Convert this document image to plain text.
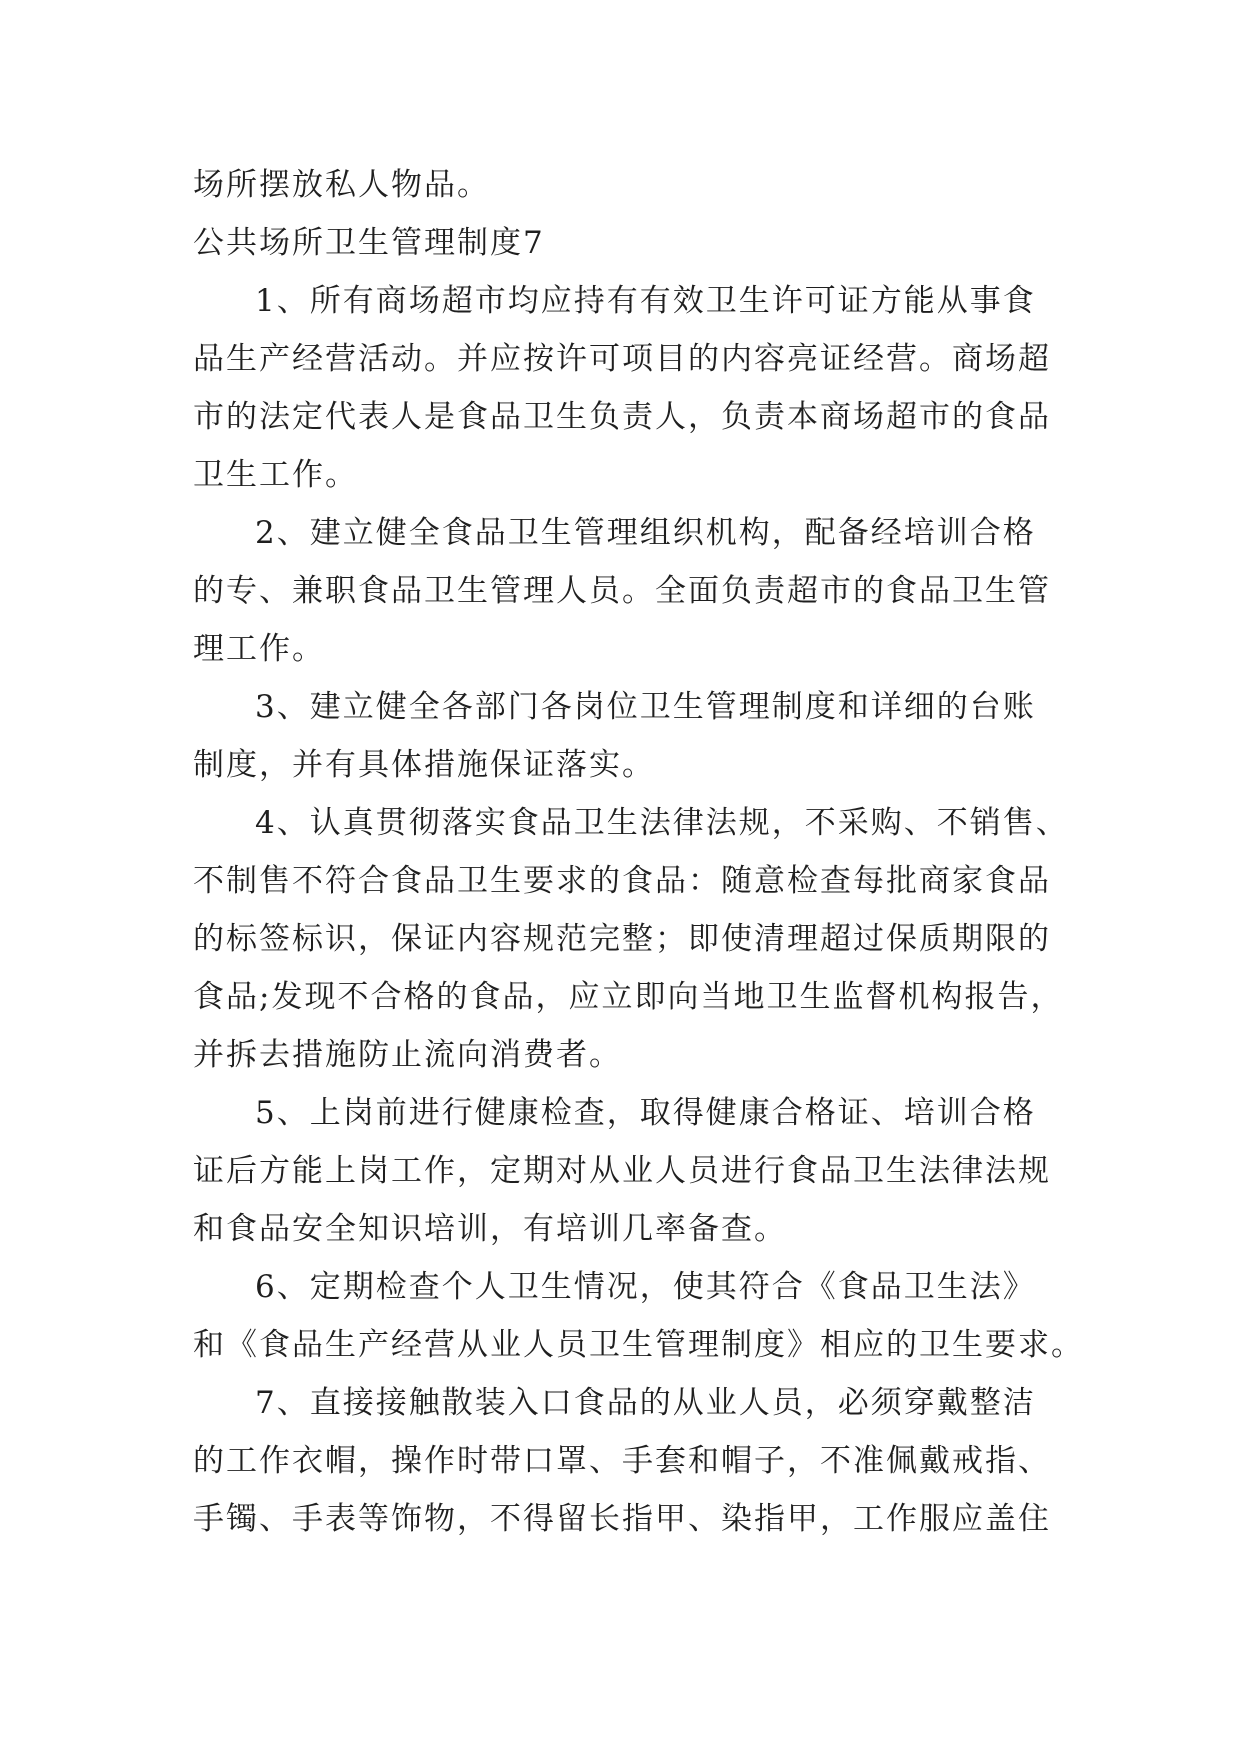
场所摆放私人物品。
公共场所卫生管理制度7
1、所有商场超市均应持有有效卫生许可证方能从事食
品生产经营活动。并应按许可项目的内容亮证经营。商场超
市的法定代表人是食品卫生负责人，负责本商场超市的食品
卫生工作。
2、建立健全食品卫生管理组织机构，配备经培训合格
的专、兼职食品卫生管理人员。全面负责超市的食品卫生管
理工作。
3、建立健全各部门各岗位卫生管理制度和详细的台账
制度，并有具体措施保证落实。
4、认真贯彻落实食品卫生法律法规，不采购、不销售、
不制售不符合食品卫生要求的食品：随意检查每批商家食品
的标签标识，保证内容规范完整；即使清理超过保质期限的
食品;发现不合格的食品，应立即向当地卫生监督机构报告，
并拆去措施防止流向消费者。
5、上岗前进行健康检查，取得健康合格证、培训合格
证后方能上岗工作，定期对从业人员进行食品卫生法律法规
和食品安全知识培训，有培训几率备查。
6、定期检查个人卫生情况，使其符合《食品卫生法》
和《食品生产经营从业人员卫生管理制度》相应的卫生要求。
7、直接接触散装入口食品的从业人员，必须穿戴整洁
的工作衣帽，操作时带口罩、手套和帽子，不准佩戴戒指、
手镯、手表等饰物，不得留长指甲、染指甲，工作服应盖住
